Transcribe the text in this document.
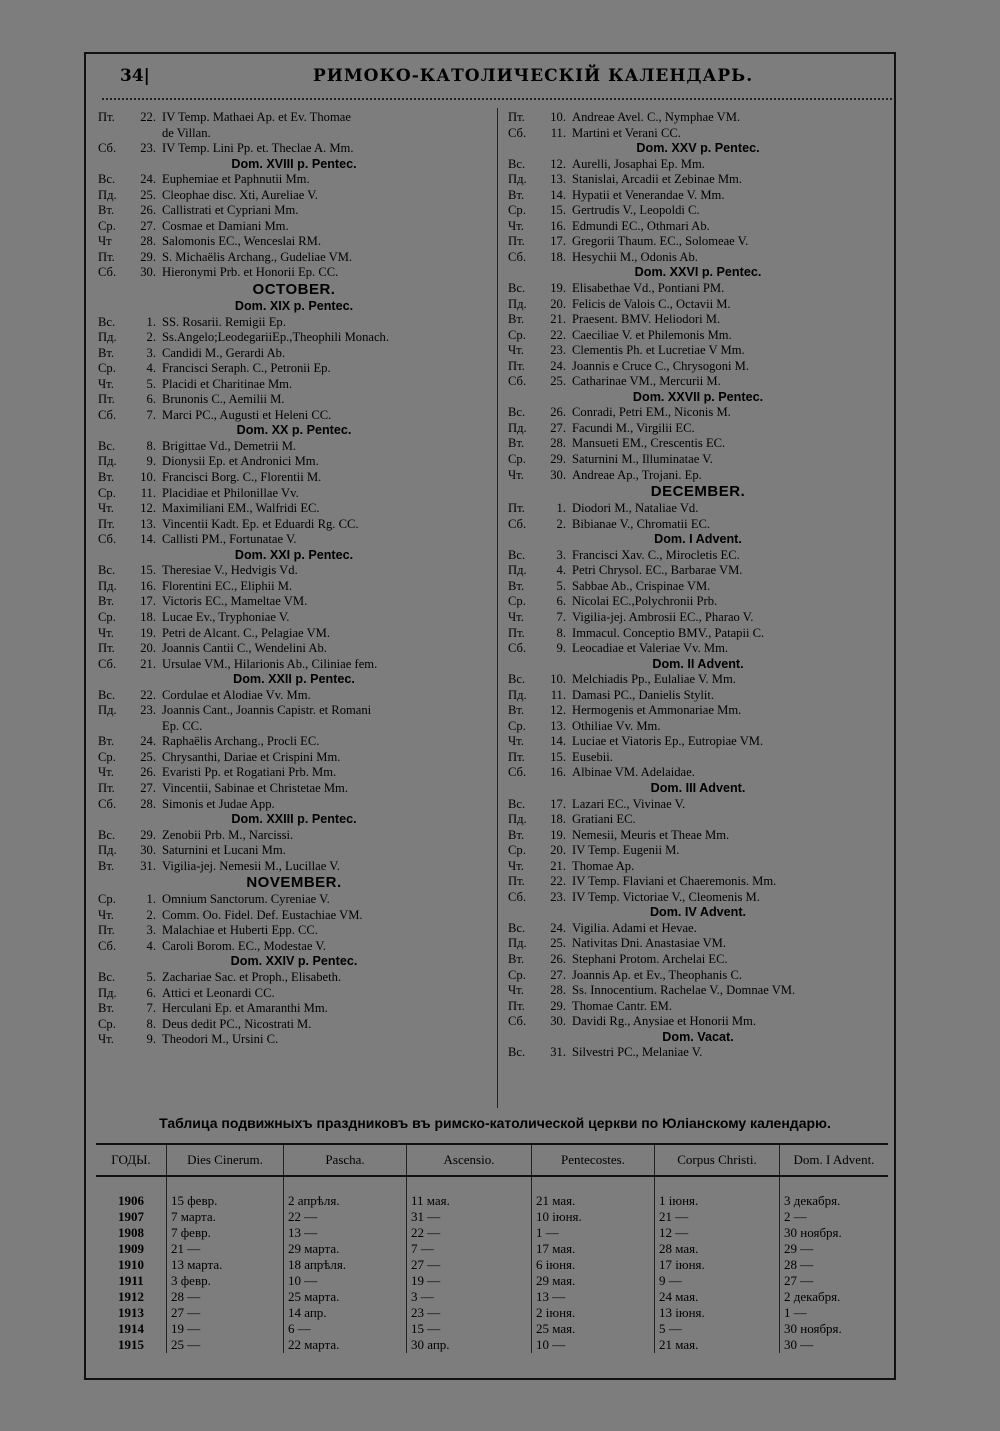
34|	РИМОКО-КАТОЛИЧЕСКІЙ КАЛЕНДАРЬ.
Пт. 22. IV Temp. Mathaei Ap. et Ev. Thomae
de Villan.
Сб. 23. IV Temp. Lini Pp. et. Theclae A. Mm.
Dom. XVIII p. Pentec.
Вс. 24. Euphemiae et Paphnutii Mm.
Пд. 25. Cleophae disc. Xti, Aureliae V.
Вт. 26. Callistrati et Cypriani Mm.
Ср. 27. Cosmae et Damiani Mm.
Чт 28. Salomonis EC., Wenceslai RM.
Пт. 29. S. Michaëlis Archang., Gudeliae VM.
Сб. 30. Hieronymi Prb. et Honorii Ep. CC.
OCTOBER.
Dom. XIX p. Pentec.
Вс. 1. SS. Rosarii. Remigii Ep.
Пд. 2. Ss.Angelo;LeodegariiEp.,Theophili Monach.
Вт.	3. Candidi M., Gerardi Ab.
Ср. 4. Francisci Seraph. C., Petronii Ep.
Чт.	5. Placidi et Charitinae Mm.
Пт.	6. Brunonis C., Aemilii M.
Сб. 7. Marci PC., Augusti et Heleni CC.
Dom. XX p. Pentec.
Вс. 8. Brigittae Vd., Demetrii M.
Пд. 9. Dionysii Ep. et Andronici Mm.
Вт. 10. Francisci Borg. C., Florentii M.
Ср. 11. Placidiae et Philonillae Vv.
Чт. 12. Maximiliani EM., Walfridi EC.
Пт. 13. Vincentii Kadt. Ep. et Eduardi Rg. CC.
Сб. 14. Callisti PM., Fortunatae V.
Dom. XXI p. Pentec.
Вс. 15. Theresiae V., Hedvigis Vd.
Пд. 16. Florentini EC., Eliphii M.
Вт. 17. Victoris EC., Mameltae VM.
Ср. 18. Lucae Ev., Tryphoniae V.
Чт. 19. Petri de Alcant. C., Pelagiae VM.
Пт. 20. Joannis Cantii C., Wendelini Ab.
Сб. 21. Ursulae VM., Hilarionis Ab., Ciliniae fem.
Dom. XXII p. Pentec.
Вс. 22. Cordulae et Alodiae Vv. Mm.
Пд. 23. Joannis Cant., Joannis Capistr. et Romani
Ep. CC.
Вт. 24. Raphaëlis Archang., Procli EC.
Ср. 25. Chrysanthi, Dariae et Crispini Mm.
Чт. 26. Evaristi Pp. et Rogatiani Prb. Mm.
Пт. 27. Vincentii, Sabinae et Christetae Mm.
Сб. 28. Simonis et Judae App.
Dom. XXIII p. Pentec.
Вс. 29. Zenobii Prb. M., Narcissi.
Пд. 30. Saturnini et Lucani Mm.
Вт. 31. Vigilia-jej. Nemesii M., Lucillae V.
NOVEMBER.
Ср. 1. Omnium Sanctorum. Cyreniae V.
Чт.	2. Comm. Oo. Fidel. Def. Eustachiae VM.
Пт.	3. Malachiae et Huberti Epp. CC.
Сб. 4. Caroli Borom. EC., Modestae V.
Dom. XXIV p. Pentec.
Вс. 5. Zachariae Sac. et Proph., Elisabeth.
Пд. 6. Attici et Leonardi CC.
Вт.	7. Herculani Ep. et Amaranthi Mm.
Ср. 8. Deus dedit PC., Nicostrati M.
Чт.	9. Theodori M., Ursini C.
Пт. 10. Andreae Avel. C., Nymphae VM.
Сб. 11. Martini et Verani CC.
Dom. XXV p. Pentec.
Вс. 12. Aurelli, Josaphai Ep. Mm.
Пд. 13. Stanislai, Arcadii et Zebinae Mm.
Вт. 14. Hypatii et Venerandae V. Mm.
Ср. 15. Gertrudis V., Leopoldi C.
Чт. 16. Edmundi EC., Othmari Ab.
Пт. 17. Gregorii Thaum. EC., Solomeae V.
Сб. 18. Hesychii M., Odonis Ab.
Dom. XXVI p. Pentec.
Вс. 19. Elisabethae Vd., Pontiani PM.
Пд. 20. Felicis de Valois C., Octavii M.
Вт. 21. Praesent. BMV. Heliodori M.
Ср. 22. Caeciliae V. et Philemonis Mm.
Чт. 23. Clementis Ph. et Lucretiae V Mm.
Пт. 24. Joannis e Cruce C., Chrysogoni M.
Сб. 25. Catharinae VM., Mercurii M.
Dom. XXVII p. Pentec.
Вс. 26. Conradi, Petri EM., Niconis M.
Пд. 27. Facundi M., Virgilii EC.
Вт. 28. Mansueti EM., Crescentis EC.
Ср. 29. Saturnini M., Illuminatae V.
Чт. 30. Andreae Ap., Trojani. Ep.
DECEMBER.
Пт.	1. Diodori M., Nataliae Vd.
Сб. 2. Bibianae V., Chromatii EC.
Dom. I Advent.
Вс. 3. Francisci Xav. C., Mirocletis EC.
Пд. 4. Petri Chrysol. EC., Barbarae VM.
Вт.	5. Sabbae Ab., Crispinae VM.
Ср. 6. Nicolai EC.,Polychronii Prb.
Чт.	7. Vigilia-jej. Ambrosii EC., Pharao V.
Пт.	8. Immacul. Conceptio BMV., Patapii C.
Сб. 9. Leocadiae et Valeriae Vv. Mm.
Dom. II Advent.
Вс. 10. Melchiadis Pp., Eulaliae V. Mm.
Пд. 11. Damasi PC., Danielis Stylit.
Вт. 12. Hermogenis et Ammonariae Mm.
Ср. 13. Othiliae Vv. Mm.
Чт. 14. Luciae et Viatoris Ep., Eutropiae VM.
Пт. 15. Eusebii.
Сб. 16. Albinae VM. Adelaidae.
Dom. III Advent.
Вс. 17. Lazari EC., Vivinae V.
Пд. 18. Gratiani EC.
Вт. 19. Nemesii, Meuris et Theae Mm.
Ср. 20. IV Temp. Eugenii M.
Чт. 21. Thomae Ap.
Пт. 22. IV Temp. Flaviani et Chaeremonis. Mm.
Сб. 23. IV Temp. Victoriae V., Cleomenis M.
Dom. IV Advent.
Вс. 24. Vigilia. Adami et Hevae.
Пд. 25. Nativitas Dni. Anastasiae VM.
Вт. 26. Stephani Protom. Archelai EC.
Ср. 27. Joannis Ap. et Ev., Theophanis C.
Чт. 28. Ss. Innocentium. Rachelae V., Domnae VM.
Пт. 29. Thomae Cantr. EM.
Сб. 30. Davidi Rg., Anysiae et Honorii Mm.
Dom. Vacat.
Вс. 31. Silvestri PC., Melaniae V.
Таблица подвижныхъ праздниковъ въ римско-католической церкви по Юліанскому календарю.
ГОДЫ.	Dies Cinerum.	Pascha.	Ascensio.	Pentecostes.	Corpus Christi.	Dom. I Advent.
1906	15 февр.	2 апрѣля.	11 мая.	21 мая.	1 іюня.	3 декабря.
1907	7 марта.	22 —	31 —	10 іюня.	21 —	2 —
1908	7 февр.	13 —	22 —	1 —	12 —	30 ноября.
1909	21 —	29 марта.	7 —	17 мая.	28 мая.	29 —
1910	13 марта.	18 апрѣля.	27 —	6 іюня.	17 іюня.	28 —
1911	3 февр.	10 —	19 —	29 мая.	9 —	27 —
1912	28 —	25 марта.	3 —	13 —	24 мая.	2 декабря.
1913	27 —	14 апр.	23 —	2 іюня.	13 іюня.	1 —
1914	19 —	6 —	15 —	25 мая.	5 —	30 ноября.
1915	25 —	22 марта.	30 апр.	10 —	21 мая.	30 —
